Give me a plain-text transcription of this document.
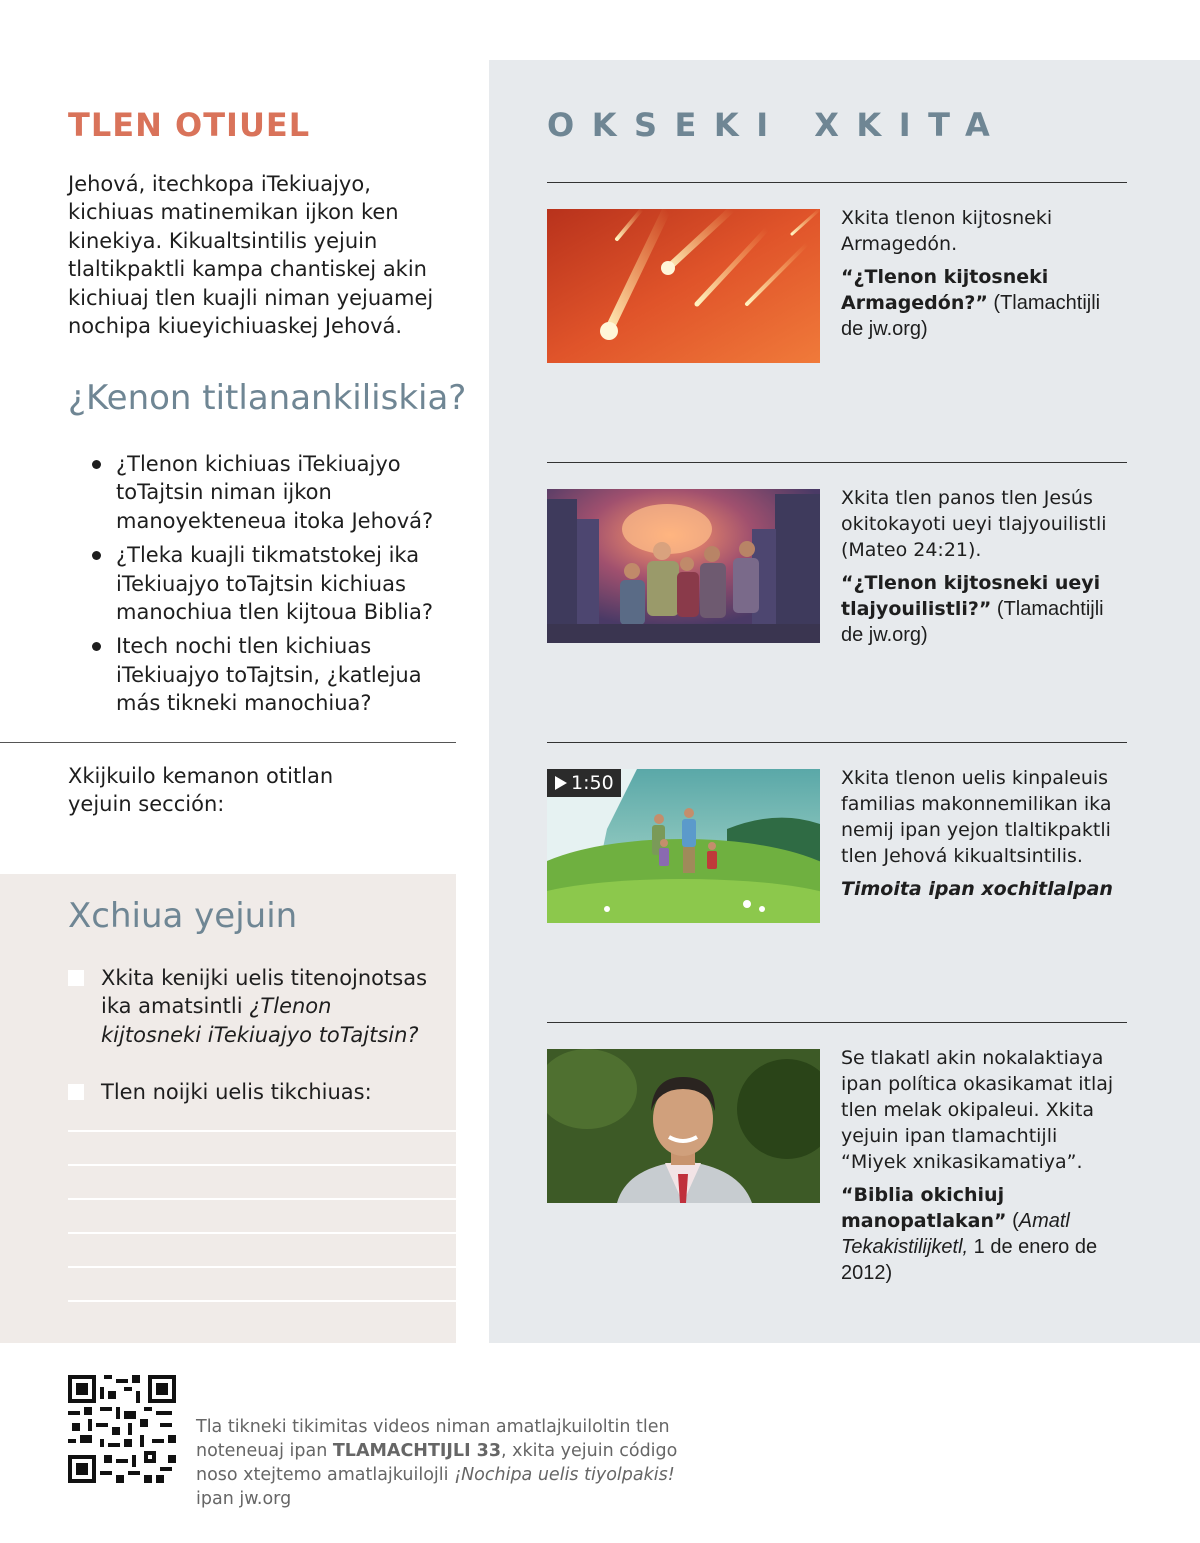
TLEN OTIUEL

Jehová, itechkopa iTekiuajyo, kichiuas matinemikan ijkon ken kinekiya. Kikualtsintilis yejuin tlaltikpaktli kampa chantiskej akin kichiuaj tlen kuajli niman yejuamej nochipa kiueyichiuaskej Jehová.

¿Kenon titlanankiliskia?
¿Tlenon kichiuas iTekiuajyo toTajtsin niman ijkon manoyekteneua itoka Jehová?
¿Tleka kuajli tikmatstokej ika iTekiuajyo toTajtsin kichiuas manochiua tlen kijtoua Biblia?
Itech nochi tlen kichiuas iTekiuajyo toTajtsin, ¿katlejua más tikneki manochiua?

Xkijkuilo kemanon otitlan yejuin sección:

Xchiua yejuin
Xkita kenijki uelis titenojnotsas ika amatsintli ¿Tlenon kijtosneki iTekiuajyo toTajtsin?
Tlen noijki uelis tikchiuas:
OKSEKI XKITA

Xkita tlenon kijtosneki Armagedón.

“¿Tlenon kijtosneki Armagedón?” (Tlamachtijli de jw.org)

Xkita tlen panos tlen Jesús okitokayoti ueyi tlajyouilistli (Mateo 24:21).

“¿Tlenon kijtosneki ueyi tlajyouilistli?” (Tlamachtijli de jw.org)

1:50	Xkita tlenon uelis kinpaleuis familias makonnemilikan ika nemij ipan yejon tlaltikpaktli tlen Jehová kikualtsintilis.

Timoita ipan xochitlalpan

Se tlakatl akin nokalaktiaya ipan política okasikamat itlaj tlen melak okipaleui. Xkita yejuin ipan tlamachtijli “Miyek xnikasikamatiya”.

“Biblia okichiuj manopatlakan” (Amatl Tekakistilijketl, 1 de enero de 2012)

Tla tikneki tikimitas videos niman amatlajkuiloltin tlen noteneuaj ipan TLAMACHTIJLI 33, xkita yejuin código noso xtejtemo amatlajkuilojli ¡Nochipa uelis tiyolpakis! ipan jw.org
